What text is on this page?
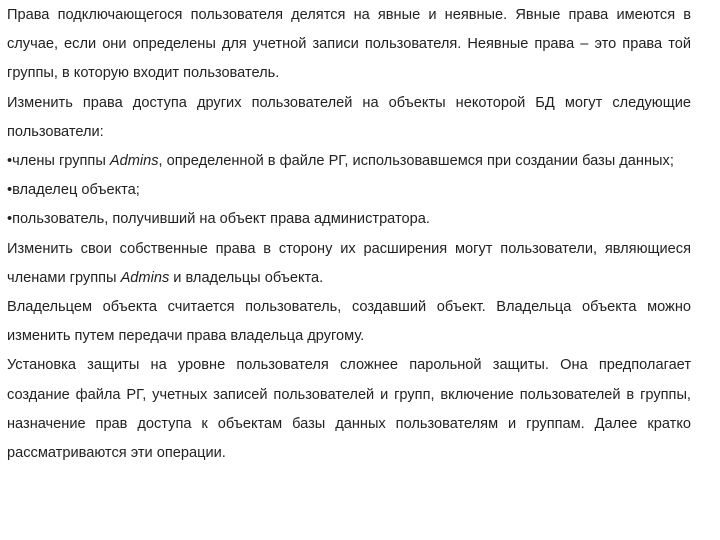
Права подключающегося пользователя делятся на явные и неявные. Явные права имеются в случае, если они определены для учетной записи пользователя. Неявные права – это права той группы, в которую входит пользователь.

Изменить права доступа других пользователей на объекты некоторой БД могут следующие пользователи:

•члены группы Admins, определенной в файле РГ, использовавшемся при создании базы данных;

•владелец объекта;

•пользователь, получивший на объект права администратора.

Изменить свои собственные права в сторону их расширения могут пользователи, являющиеся членами группы Admins и владельцы объекта.

Владельцем объекта считается пользователь, создавший объект. Владельца объекта можно изменить путем передачи права владельца другому.

Установка защиты на уровне пользователя сложнее парольной защиты. Она предполагает создание файла РГ, учетных записей пользователей и групп, включение пользователей в группы, назначение прав доступа к объектам базы данных пользователям и группам. Далее кратко рассматриваются эти операции.
